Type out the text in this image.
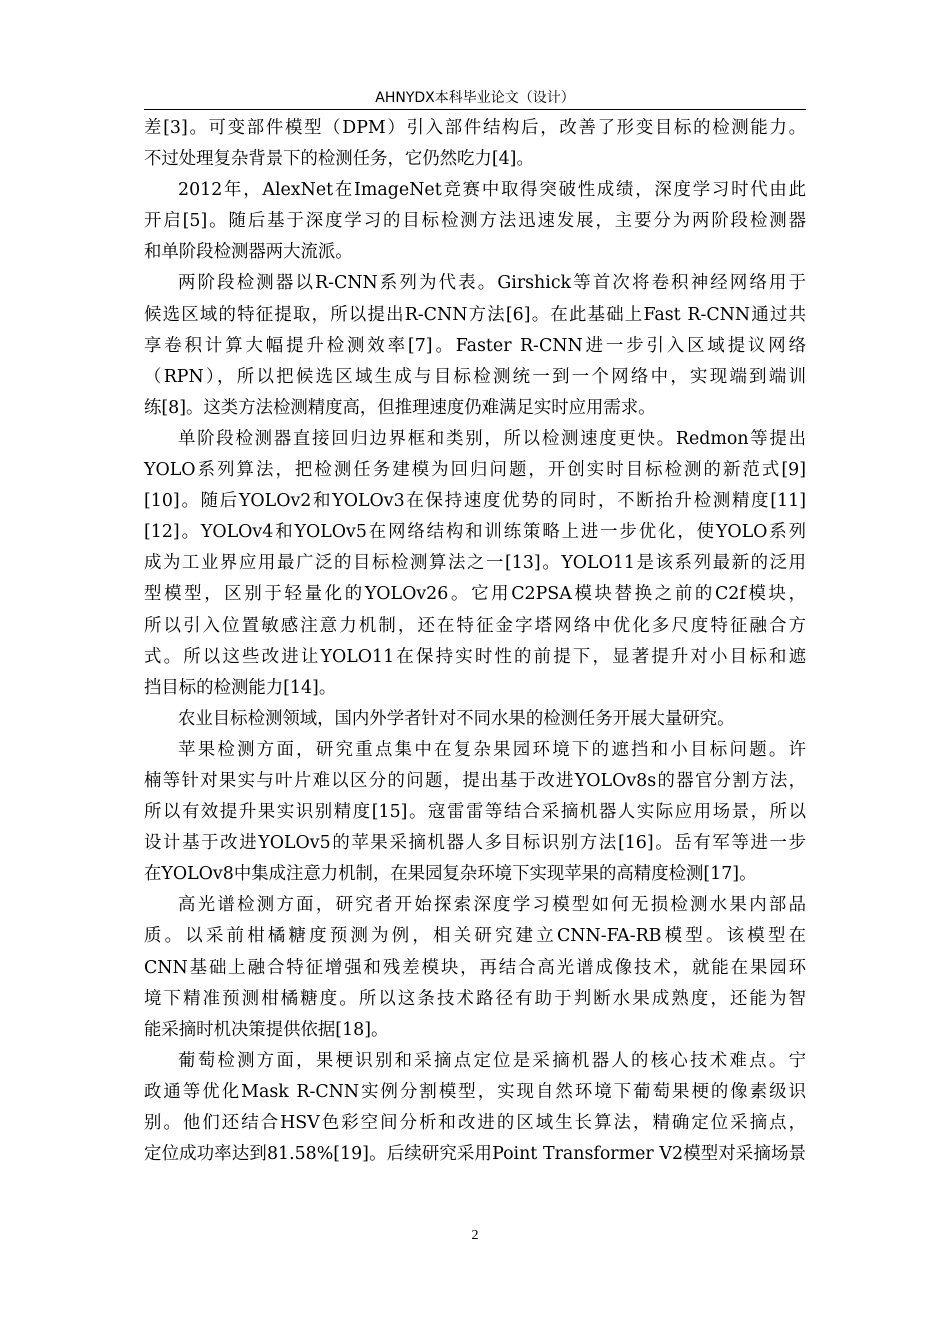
AHNYDX本科毕业论文（设计）
差[3]。可变部件模型（DPM）引入部件结构后，改善了形变目标的检测能力。
不过处理复杂背景下的检测任务，它仍然吃力[4]。
2012年，AlexNet在ImageNet竞赛中取得突破性成绩，深度学习时代由此
开启[5]。随后基于深度学习的目标检测方法迅速发展，主要分为两阶段检测器
和单阶段检测器两大流派。
两阶段检测器以R-CNN系列为代表。Girshick等首次将卷积神经网络用于
候选区域的特征提取，所以提出R-CNN方法[6]。在此基础上Fast R-CNN通过共
享卷积计算大幅提升检测效率[7]。Faster R-CNN进一步引入区域提议网络
（RPN），所以把候选区域生成与目标检测统一到一个网络中，实现端到端训
练[8]。这类方法检测精度高，但推理速度仍难满足实时应用需求。
单阶段检测器直接回归边界框和类别，所以检测速度更快。Redmon等提出
YOLO系列算法，把检测任务建模为回归问题，开创实时目标检测的新范式[9]
[10]。随后YOLOv2和YOLOv3在保持速度优势的同时，不断抬升检测精度[11]
[12]。YOLOv4和YOLOv5在网络结构和训练策略上进一步优化，使YOLO系列
成为工业界应用最广泛的目标检测算法之一[13]。YOLO11是该系列最新的泛用
型模型，区别于轻量化的YOLOv26。它用C2PSA模块替换之前的C2f模块，
所以引入位置敏感注意力机制，还在特征金字塔网络中优化多尺度特征融合方
式。所以这些改进让YOLO11在保持实时性的前提下，显著提升对小目标和遮
挡目标的检测能力[14]。
农业目标检测领域，国内外学者针对不同水果的检测任务开展大量研究。
苹果检测方面，研究重点集中在复杂果园环境下的遮挡和小目标问题。许
楠等针对果实与叶片难以区分的问题，提出基于改进YOLOv8s的器官分割方法，
所以有效提升果实识别精度[15]。寇雷雷等结合采摘机器人实际应用场景，所以
设计基于改进YOLOv5的苹果采摘机器人多目标识别方法[16]。岳有军等进一步
在YOLOv8中集成注意力机制，在果园复杂环境下实现苹果的高精度检测[17]。
高光谱检测方面，研究者开始探索深度学习模型如何无损检测水果内部品
质。以采前柑橘糖度预测为例，相关研究建立CNN-FA-RB模型。该模型在
CNN基础上融合特征增强和残差模块，再结合高光谱成像技术，就能在果园环
境下精准预测柑橘糖度。所以这条技术路径有助于判断水果成熟度，还能为智
能采摘时机决策提供依据[18]。
葡萄检测方面，果梗识别和采摘点定位是采摘机器人的核心技术难点。宁
政通等优化Mask R-CNN实例分割模型，实现自然环境下葡萄果梗的像素级识
别。他们还结合HSV色彩空间分析和改进的区域生长算法，精确定位采摘点，
定位成功率达到81.58%[19]。后续研究采用Point Transformer V2模型对采摘场景
2
